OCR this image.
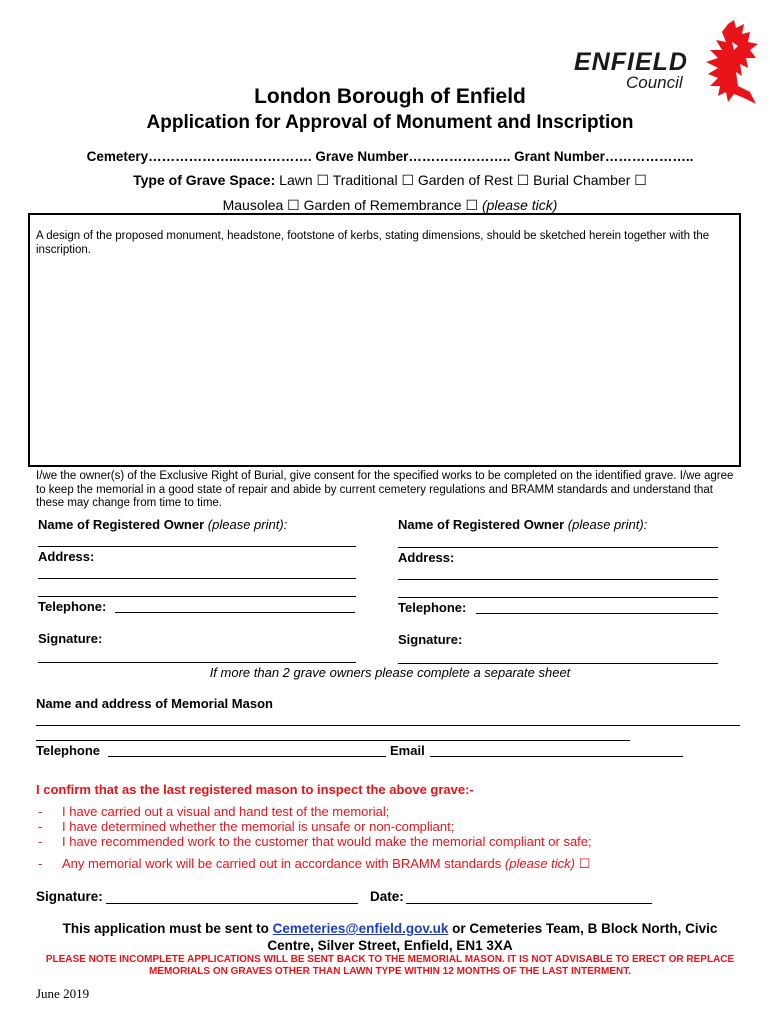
ENFIELD
Council
London Borough of Enfield
Application for Approval of Monument and Inscription
Cemetery………………...……………. Grave Number………………….. Grant Number………………..
Type of Grave Space: Lawn ☐ Traditional ☐ Garden of Rest ☐ Burial Chamber ☐
Mausolea ☐ Garden of Remembrance ☐ (please tick)
A design of the proposed monument, headstone, footstone of kerbs, stating dimensions, should be sketched herein together with the inscription.
I/we the owner(s) of the Exclusive Right of Burial, give consent for the specified works to be completed on the identified grave. I/we agree to keep the memorial in a good state of repair and abide by current cemetery regulations and BRAMM standards and understand that these may change from time to time.
Name of Registered Owner (please print):
Address:
Telephone:
Signature:
Name of Registered Owner (please print):
Address:
Telephone:
Signature:
If more than 2 grave owners please complete a separate sheet
Name and address of Memorial Mason
Telephone	Email
I confirm that as the last registered mason to inspect the above grave:-
- I have carried out a visual and hand test of the memorial;
- I have determined whether the memorial is unsafe or non-compliant;
- I have recommended work to the customer that would make the memorial compliant or safe;
- Any memorial work will be carried out in accordance with BRAMM standards (please tick) ☐
Signature:	Date:
This application must be sent to Cemeteries@enfield.gov.uk or Cemeteries Team, B Block North, Civic Centre, Silver Street, Enfield, EN1 3XA
PLEASE NOTE INCOMPLETE APPLICATIONS WILL BE SENT BACK TO THE MEMORIAL MASON. IT IS NOT ADVISABLE TO ERECT OR REPLACE MEMORIALS ON GRAVES OTHER THAN LAWN TYPE WITHIN 12 MONTHS OF THE LAST INTERMENT.
June 2019
